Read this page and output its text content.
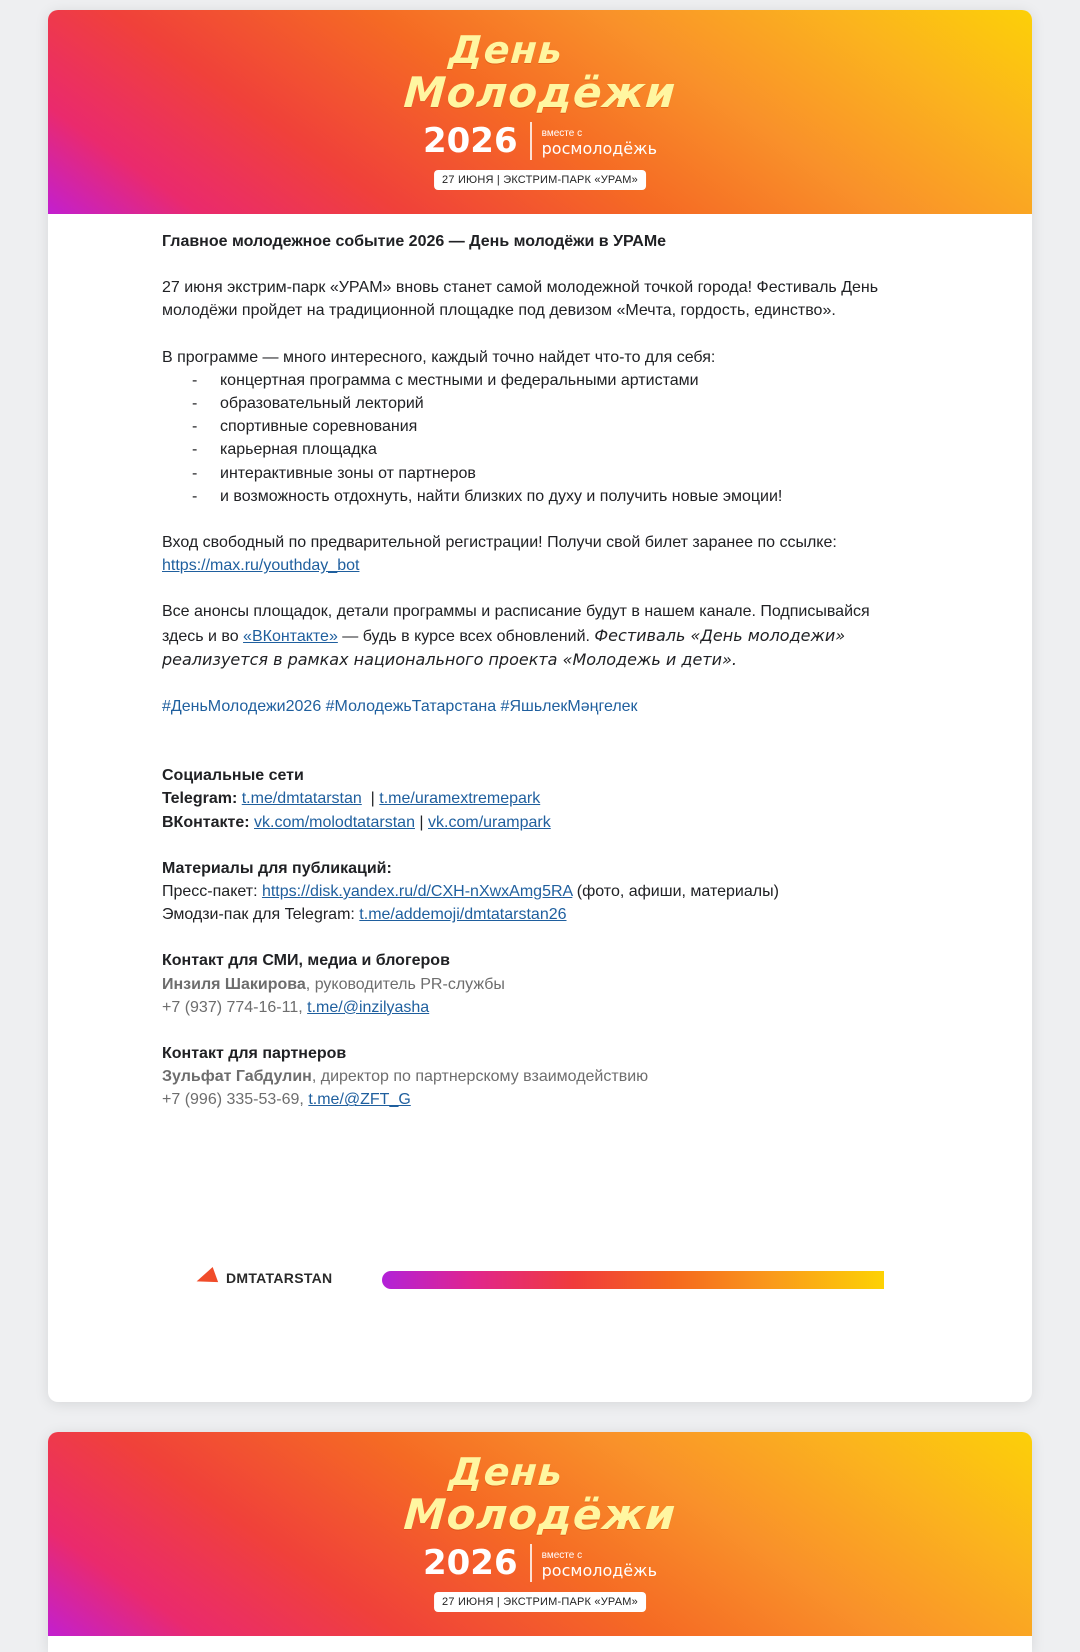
День
Молодёжи
2026	вместе с
росмолодёжь
27 ИЮНЯ | ЭКСТРИМ-ПАРК «УРАМ»

Главное молодежное событие 2026 — День молодёжи в УРАМе

27 июня экстрим-парк «УРАМ» вновь станет самой молодежной точкой города! Фестиваль День молодёжи пройдет на традиционной площадке под девизом «Мечта, гордость, единство».

В программе — много интересного, каждый точно найдет что-то для себя:

- концертная программа с местными и федеральными артистами
- образовательный лекторий
- спортивные соревнования
- карьерная площадка
- интерактивные зоны от партнеров
- и возможность отдохнуть, найти близких по духу и получить новые эмоции!

Вход свободный по предварительной регистрации! Получи свой билет заранее по ссылке: https://max.ru/youthday_bot

Все анонсы площадок, детали программы и расписание будут в нашем канале. Подписывайся здесь и во «ВКонтакте» — будь в курсе всех обновлений. Фестиваль «День молодежи» реализуется в рамках национального проекта «Молодежь и дети».

#ДеньМолодежи2026 #МолодежьТатарстана #ЯшьлекМәңгелек

Социальные сети

Telegram: t.me/dmtatarstan | t.me/uramextremepark

ВКонтакте: vk.com/molodtatarstan | vk.com/urampark

Материалы для публикаций:

Пресс-пакет: https://disk.yandex.ru/d/CXH-nXwxAmg5RA (фото, афиши, материалы)

Эмодзи-пак для Telegram: t.me/addemoji/dmtatarstan26

Контакт для СМИ, медиа и блогеров

Инзиля Шакирова, руководитель PR-службы

+7 (937) 774-16-11, t.me/@inzilyasha

Контакт для партнеров

Зульфат Габдулин, директор по партнерскому взаимодействию

+7 (996) 335-53-69, t.me/@ZFT_G

DMTATARSTAN
День
Молодёжи
2026	вместе с
росмолодёжь
27 ИЮНЯ | ЭКСТРИМ-ПАРК «УРАМ»
